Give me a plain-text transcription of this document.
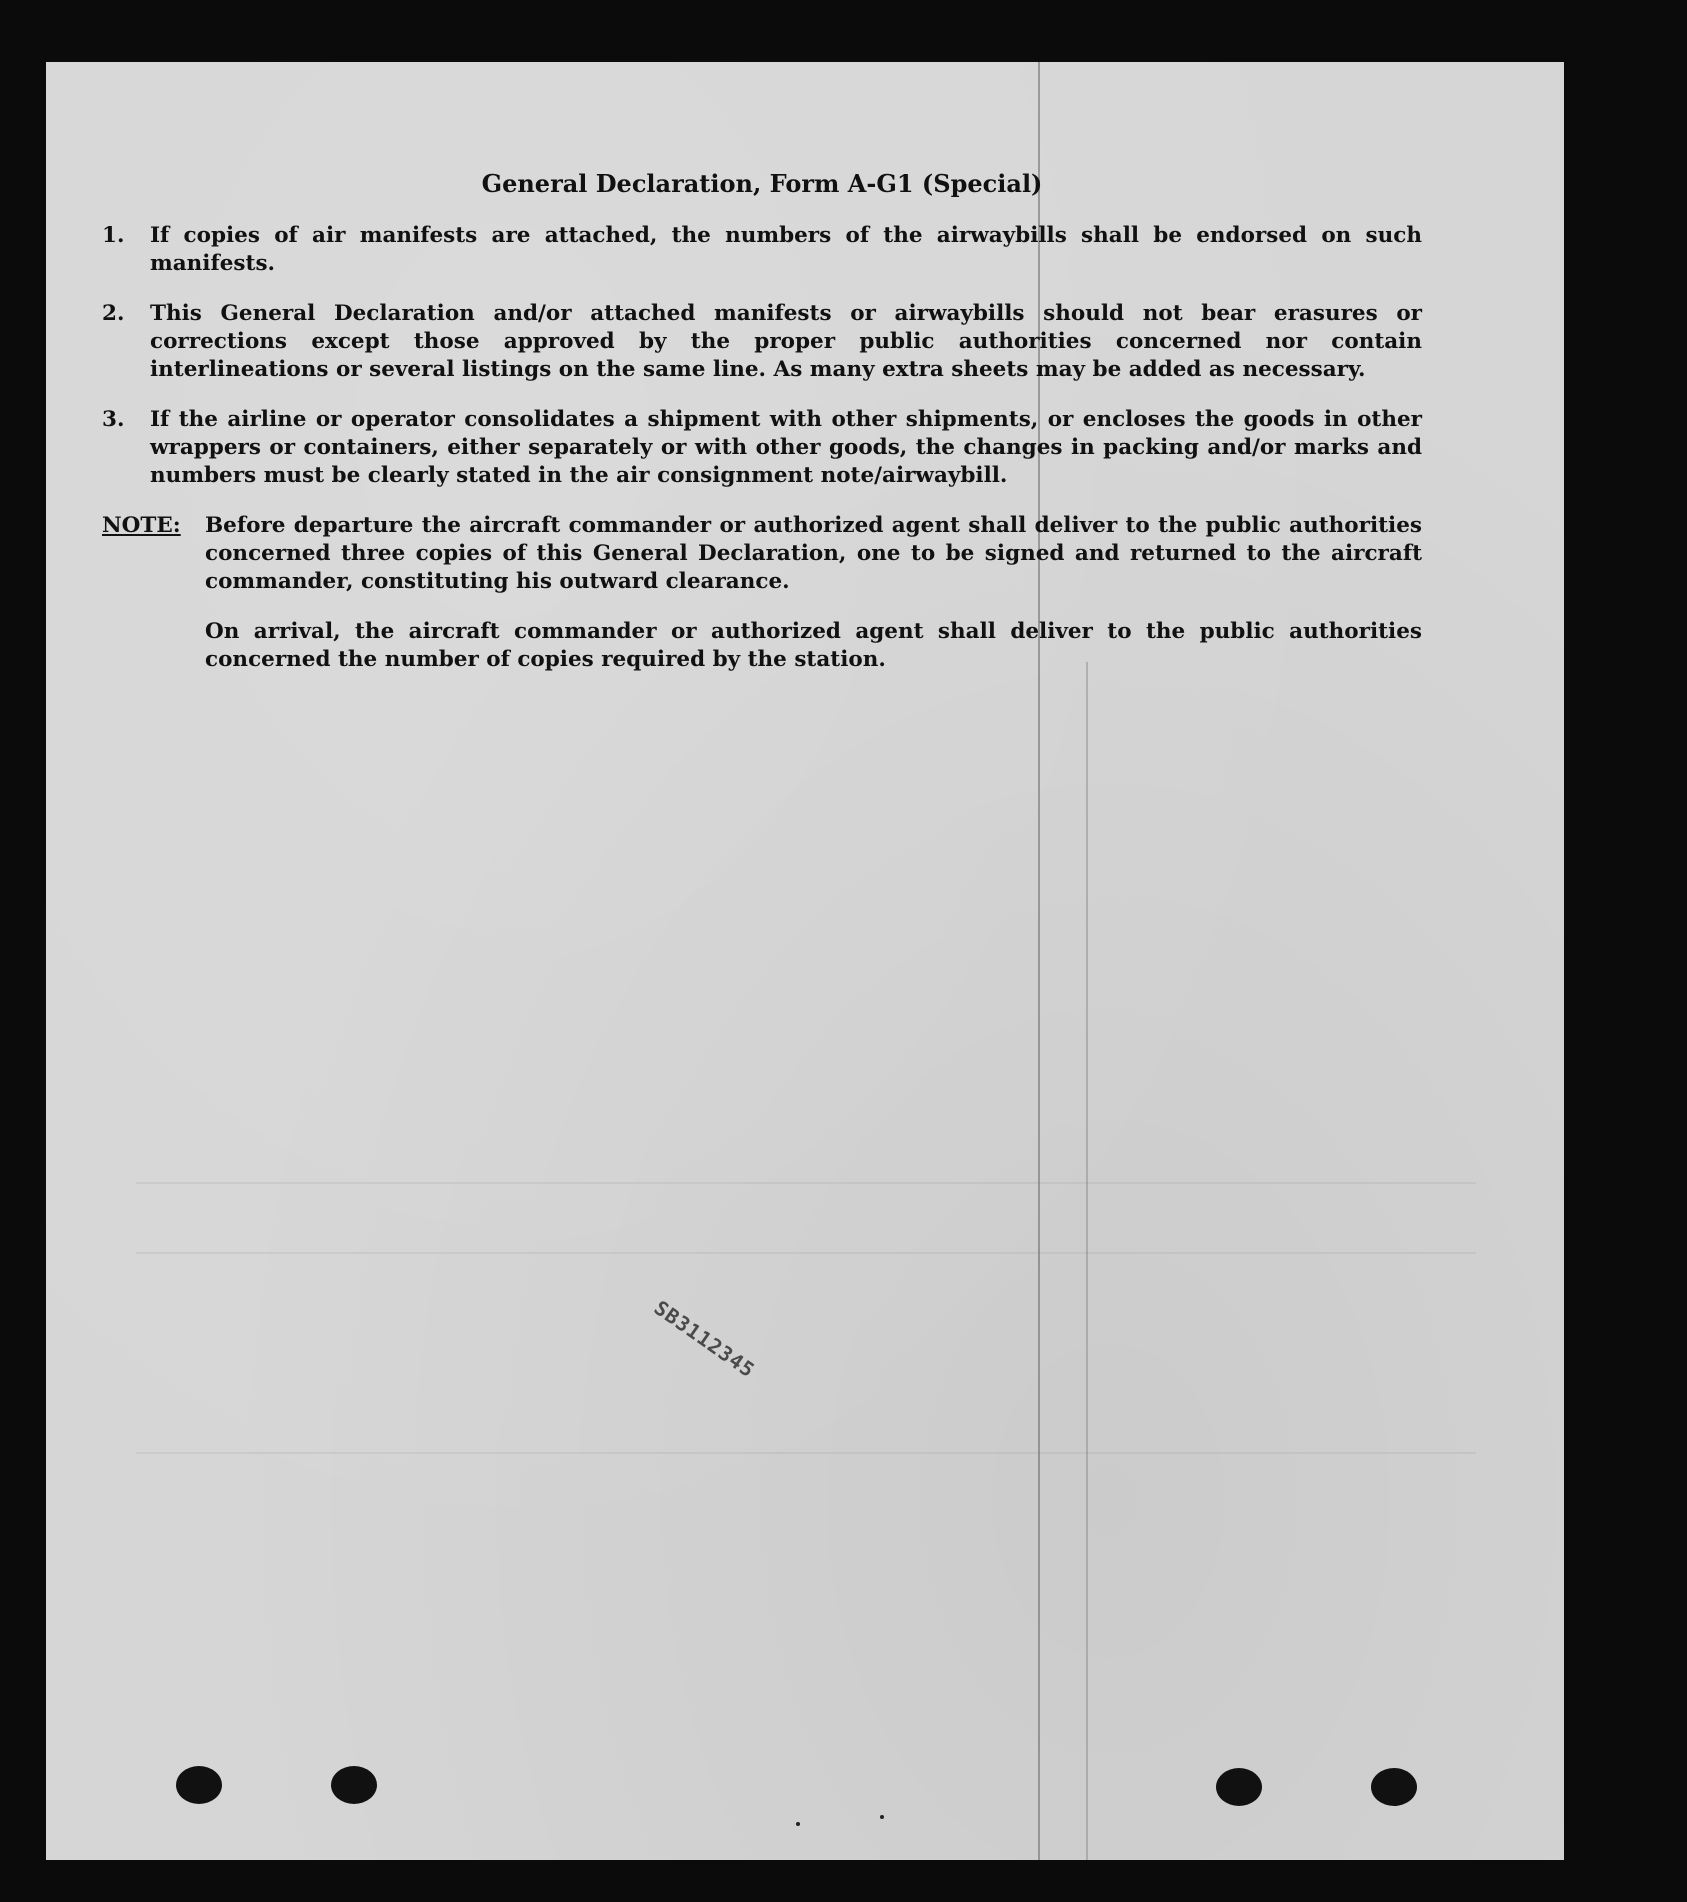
SB3112345
General Declaration, Form A-G1 (Special)
1.	If copies of air manifests are attached, the numbers of the airwaybills shall be endorsed on such manifests.
2.	This General Declaration and/or attached manifests or airwaybills should not bear erasures or corrections except those approved by the proper public authorities concerned nor contain interlineations or several listings on the same line. As many extra sheets may be added as necessary.
3.	If the airline or operator consolidates a shipment with other shipments, or encloses the goods in other wrappers or containers, either separately or with other goods, the changes in packing and/or marks and numbers must be clearly stated in the air consignment note/airwaybill.
NOTE:	Before departure the aircraft commander or authorized agent shall deliver to the public authorities concerned three copies of this General Declaration, one to be signed and returned to the aircraft commander, constituting his outward clearance.

On arrival, the aircraft commander or authorized agent shall deliver to the public authorities concerned the number of copies required by the station.
